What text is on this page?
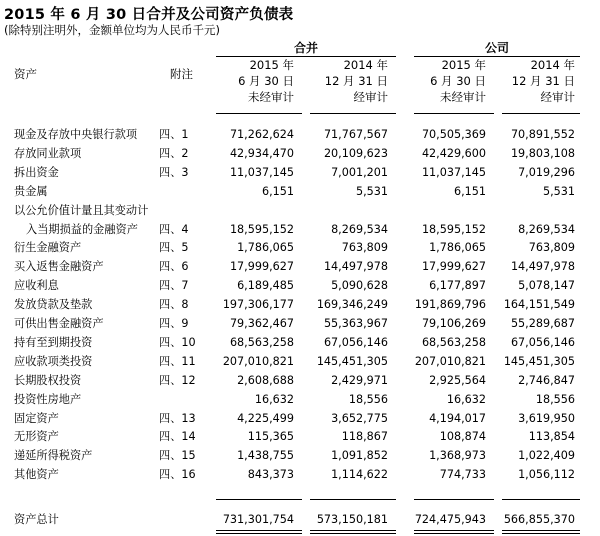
2015 年 6 月 30 日合并及公司资产负债表
(除特别注明外，金额单位均为人民币千元)
合并	公司
资产	附注
2015 年
6 月 30 日
未经审计
2014 年
12 月 31 日
经审计
2015 年
6 月 30 日
未经审计
2014 年
12 月 31 日
经审计
现金及存放中央银行款项 四、1	71,262,624	71,767,567	70,505,369 70,891,552
存放同业款项	四、2	42,934,470	20,109,623	42,429,600 19,803,108
拆出资金	四、3	11,037,145	7,001,201	11,037,145	7,019,296
贵金属	6,151	5,531	6,151	5,531
以公允价值计量且其变动计
入当期损益的金融资产 四、4	18,595,152	8,269,534	18,595,152	8,269,534
衍生金融资产	四、5	1,786,065	763,809	1,786,065	763,809
买入返售金融资产	四、6	17,999,627	14,497,978	17,999,627 14,497,978
应收利息	四、7	6,189,485	5,090,628	6,177,897	5,078,147
发放贷款及垫款	四、8	197,306,177 169,346,249 191,869,796 164,151,549
可供出售金融资产	四、9	79,362,467	55,363,967	79,106,269 55,289,687
持有至到期投资	四、10	68,563,258	67,056,146	68,563,258 67,056,146
应收款项类投资	四、11 207,010,821 145,451,305 207,010,821 145,451,305
长期股权投资	四、12	2,608,688	2,429,971	2,925,564	2,746,847
投资性房地产	16,632	18,556	16,632	18,556
固定资产	四、13	4,225,499	3,652,775	4,194,017	3,619,950
无形资产	四、14	115,365	118,867	108,874	113,854
递延所得税资产	四、15	1,438,755	1,091,852	1,368,973	1,022,409
其他资产	四、16	843,373	1,114,622	774,733	1,056,112
资产总计	731,301,754 573,150,181 724,475,943 566,855,370
